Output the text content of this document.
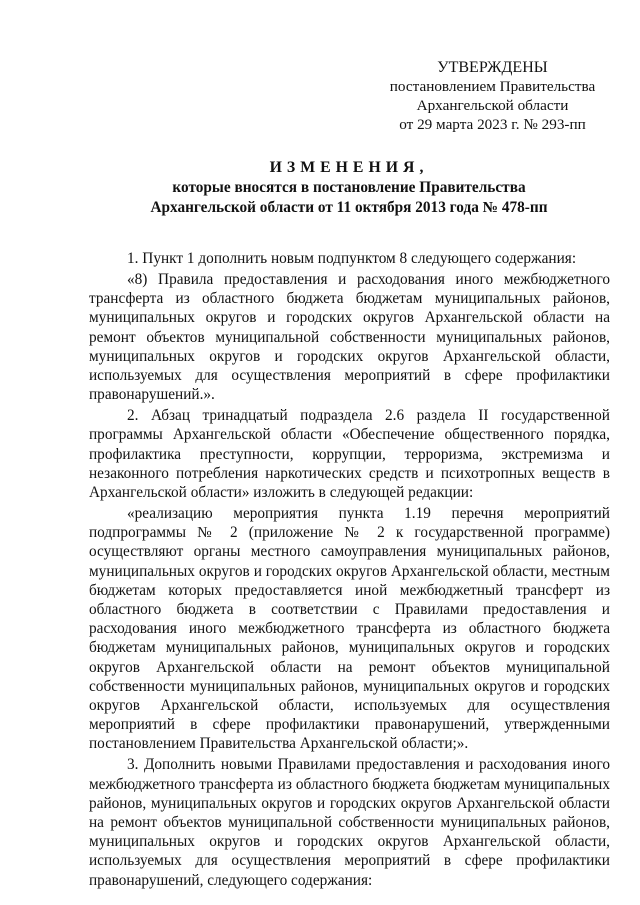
УТВЕРЖДЕНЫ
постановлением Правительства
Архангельской области
от 29 марта 2023 г. № 293-пп
ИЗМЕНЕНИЯ,
которые вносятся в постановление Правительства
Архангельской области от 11 октября 2013 года № 478-пп

1. Пункт 1 дополнить новым подпунктом 8 следующего содержания:

«8) Правила предоставления и расходования иного межбюджетного трансферта из областного бюджета бюджетам муниципальных районов, муниципальных округов и городских округов Архангельской области на ремонт объектов муниципальной собственности муниципальных районов, муниципальных округов и городских округов Архангельской области, используемых для осуществления мероприятий в сфере профилактики правонарушений.».

2. Абзац тринадцатый подраздела 2.6 раздела II государственной программы Архангельской области «Обеспечение общественного порядка, профилактика преступности, коррупции, терроризма, экстремизма и незаконного потребления наркотических средств и психотропных веществ в Архангельской области» изложить в следующей редакции:

«реализацию мероприятия пункта 1.19 перечня мероприятий подпрограммы № 2 (приложение № 2 к государственной программе) осуществляют органы местного самоуправления муниципальных районов, муниципальных округов и городских округов Архангельской области, местным бюджетам которых предоставляется иной межбюджетный трансферт из областного бюджета в соответствии с Правилами предоставления и расходования иного межбюджетного трансферта из областного бюджета бюджетам муниципальных районов, муниципальных округов и городских округов Архангельской области на ремонт объектов муниципальной собственности муниципальных районов, муниципальных округов и городских округов Архангельской области, используемых для осуществления мероприятий в сфере профилактики правонарушений, утвержденными постановлением Правительства Архангельской области;».

3. Дополнить новыми Правилами предоставления и расходования иного межбюджетного трансферта из областного бюджета бюджетам муниципальных районов, муниципальных округов и городских округов Архангельской области на ремонт объектов муниципальной собственности муниципальных районов, муниципальных округов и городских округов Архангельской области, используемых для осуществления мероприятий в сфере профилактики правонарушений, следующего содержания:
